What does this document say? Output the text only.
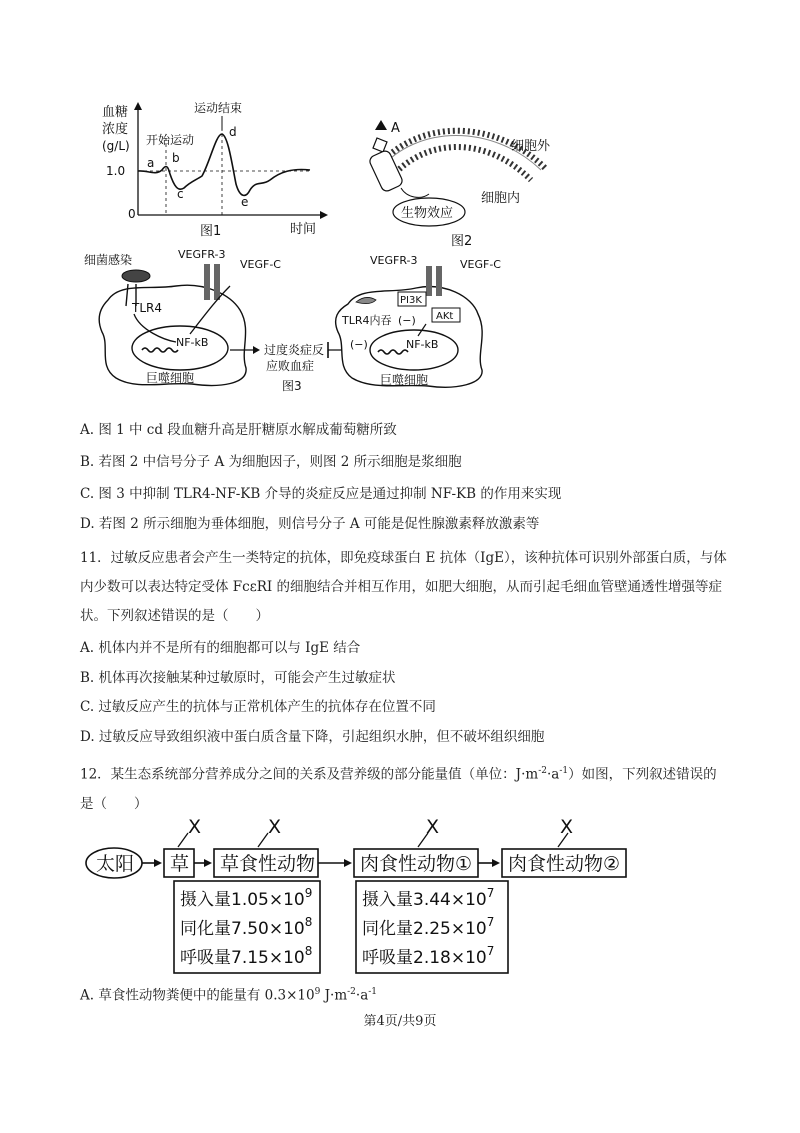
血糖
浓度
(g/L)
1.0
0
开始运动
运动结束
a b
c
d
e
图1	时间
A
细胞外
细胞内
生物效应
图2
NF-kB
细菌感染
TLR4
VEGFR-3
VEGF-C
巨噬细胞
过度炎症反
应败血症
图3
NF-kB
(−)
VEGFR-3	VEGF-C
PI3K
AKt
TLR4内吞 (−)
巨噬细胞
A. 图 1 中 cd 段血糖升高是肝糖原水解成葡萄糖所致
B. 若图 2 中信号分子 A 为细胞因子，则图 2 所示细胞是浆细胞
C. 图 3 中抑制 TLR4-NF-KB 介导的炎症反应是通过抑制 NF-KB 的作用来实现
D. 若图 2 所示细胞为垂体细胞，则信号分子 A 可能是促性腺激素释放激素等
11．过敏反应患者会产生一类特定的抗体，即免疫球蛋白 E 抗体（IgE），该种抗体可识别外部蛋白质，与体内少数可以表达特定受体 FcεRI 的细胞结合并相互作用，如肥大细胞，从而引起毛细血管壁通透性增强等症状。下列叙述错误的是（　　）
A. 机体内并不是所有的细胞都可以与 IgE 结合
B. 机体再次接触某种过敏原时，可能会产生过敏症状
C. 过敏反应产生的抗体与正常机体产生的抗体存在位置不同
D. 过敏反应导致组织液中蛋白质含量下降，引起组织水肿，但不破坏组织细胞
12．某生态系统部分营养成分之间的关系及营养级的部分能量值（单位：$J\cdot m^{-2}\cdot a^{-1}$）如图，下列叙述错误的是（　　）
太阳 草 草食性动物 肉食性动物① 肉食性动物②
X	X	X	X
摄入量$1.05\times 10^9$
同化量$7.50\times 10^8$
呼吸量$7.15\times 10^8$
摄入量$3.44\times 10^7$
同化量$2.25\times 10^7$
呼吸量$2.18\times 10^7$
A. 草食性动物粪便中的能量有 $0.3\times 10^9$ $J\cdot m^{-2}\cdot a^{-1}$
第4页/共9页
